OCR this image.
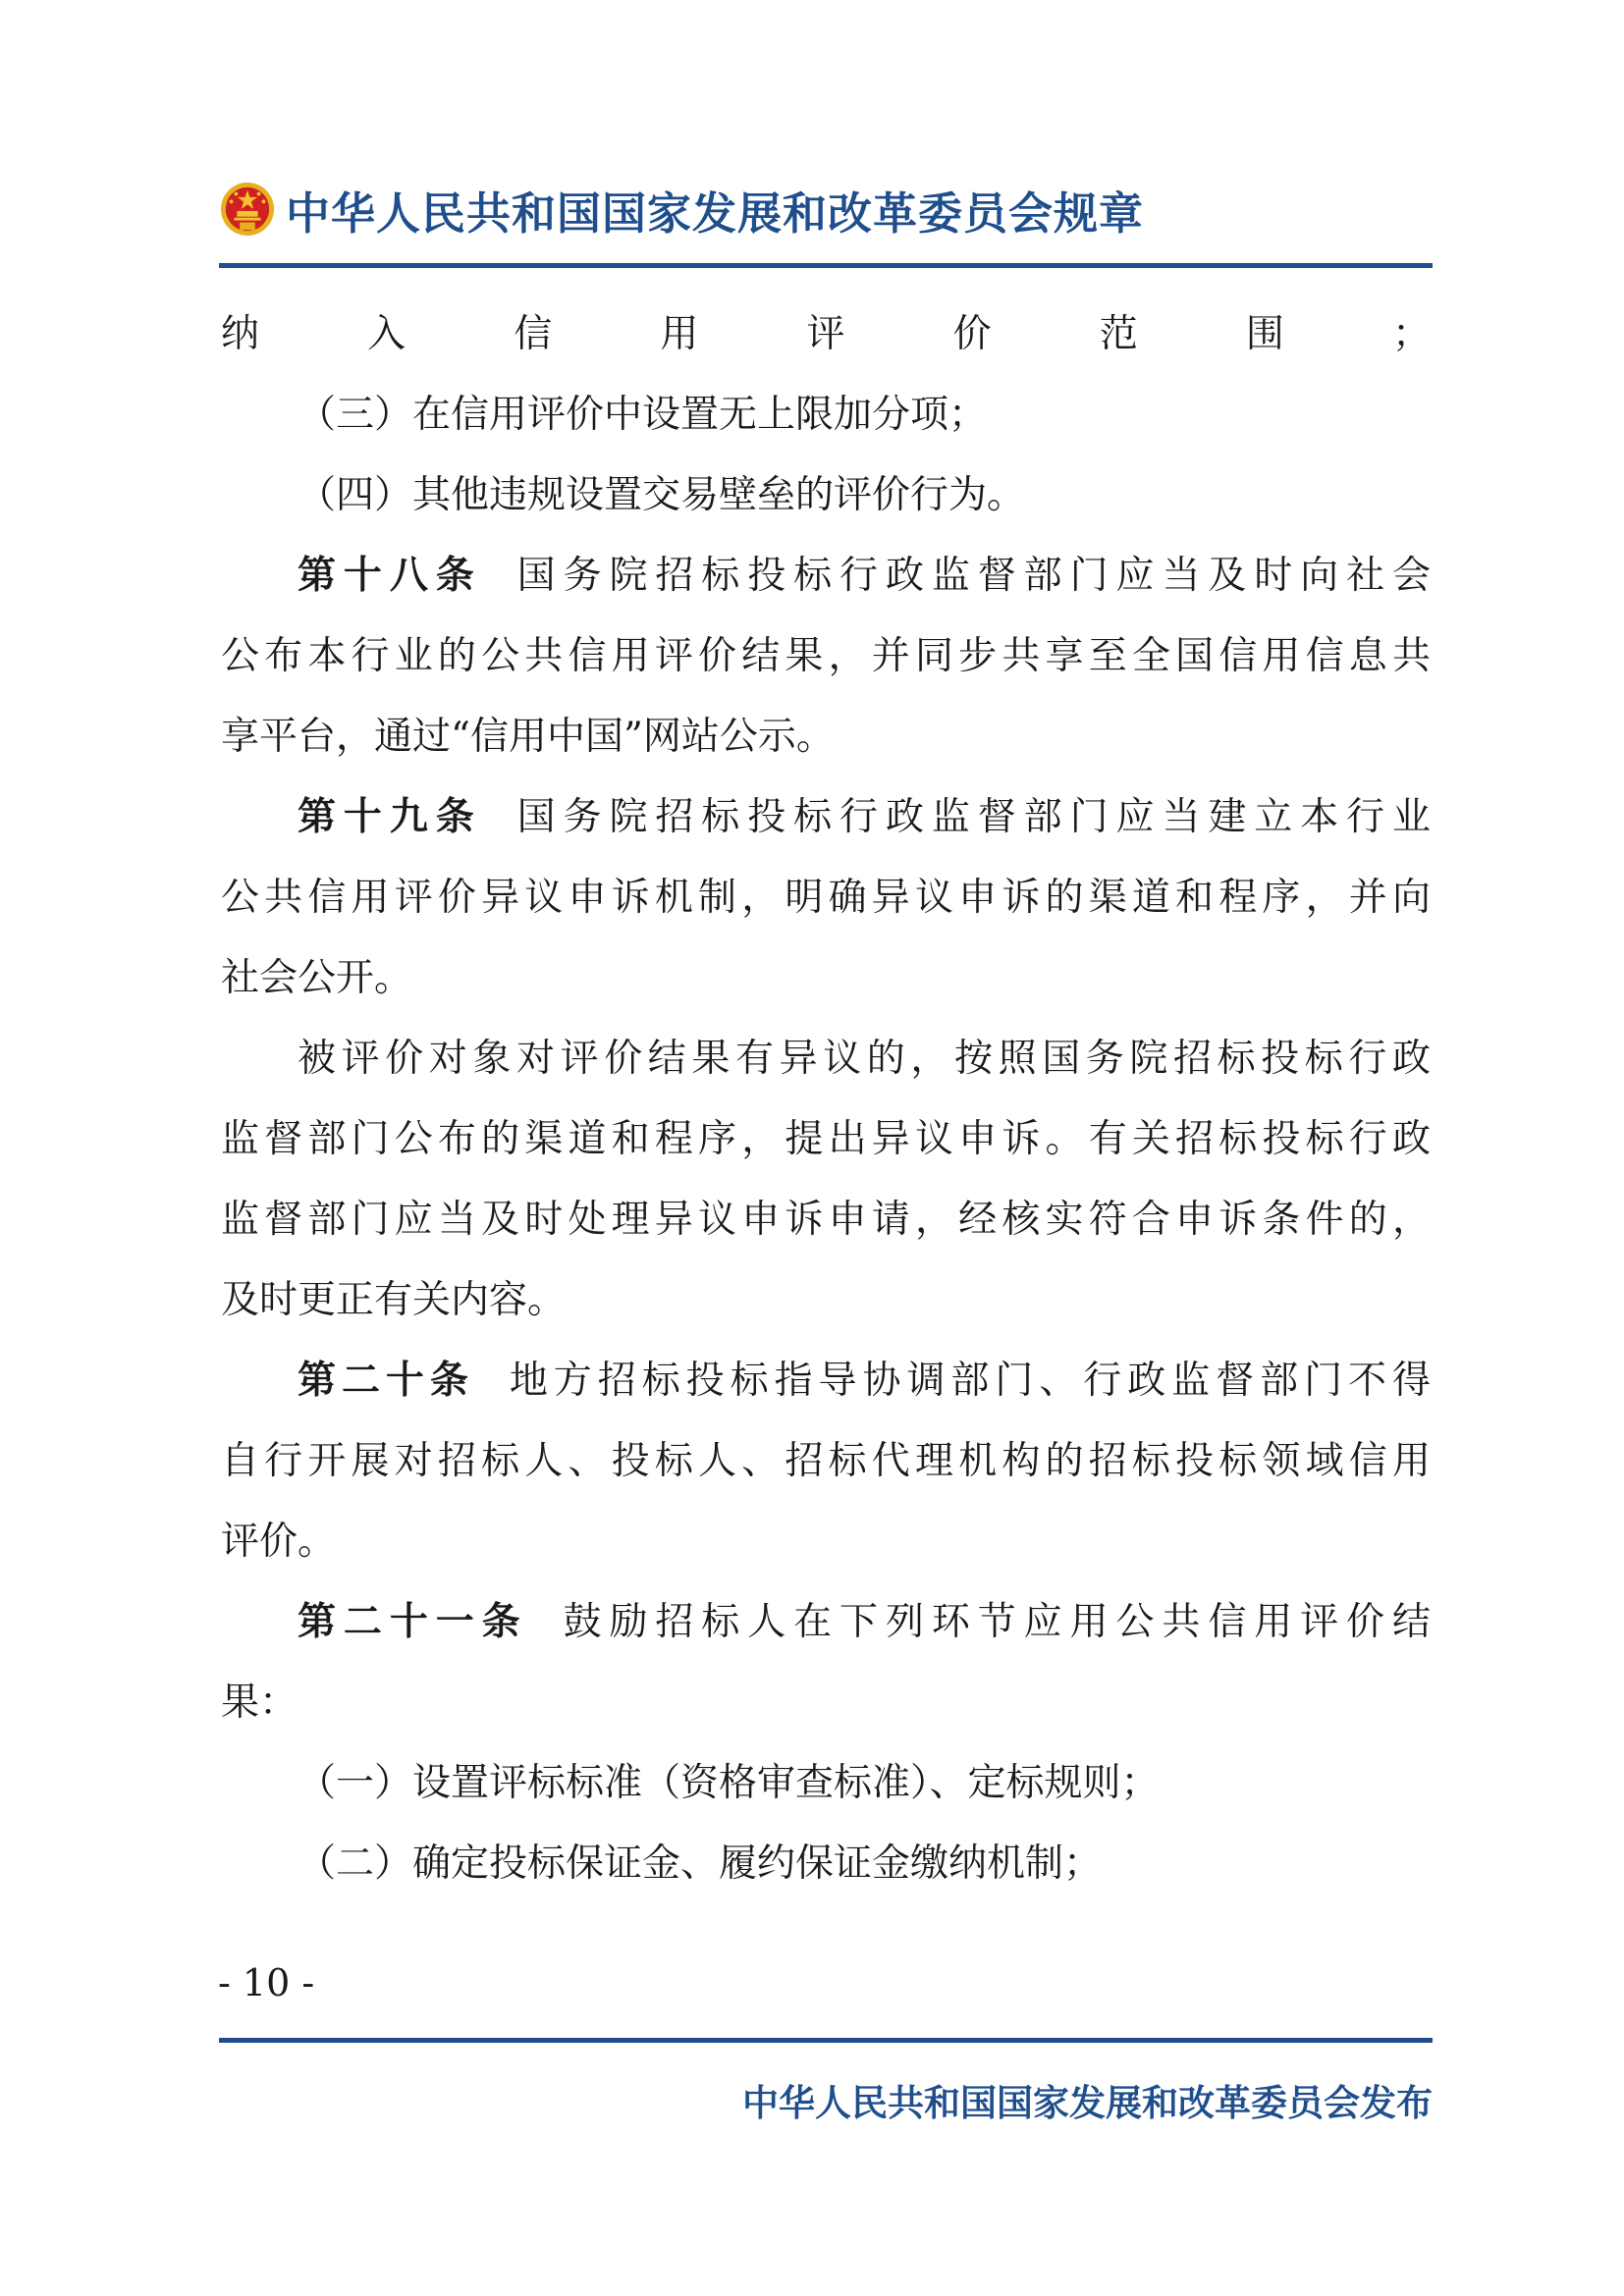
中华人民共和国国家发展和改革委员会规章
纳入信用评价范围；
（三）在信用评价中设置无上限加分项；
（四）其他违规设置交易壁垒的评价行为。
第十八条 国务院招标投标行政监督部门应当及时向社会
公布本行业的公共信用评价结果，并同步共享至全国信用信息共
享平台，通过“信用中国”网站公示。
第十九条 国务院招标投标行政监督部门应当建立本行业
公共信用评价异议申诉机制，明确异议申诉的渠道和程序，并向
社会公开。
被评价对象对评价结果有异议的，按照国务院招标投标行政
监督部门公布的渠道和程序，提出异议申诉。有关招标投标行政
监督部门应当及时处理异议申诉申请，经核实符合申诉条件的，
及时更正有关内容。
第二十条 地方招标投标指导协调部门、行政监督部门不得
自行开展对招标人、投标人、招标代理机构的招标投标领域信用
评价。
第二十一条 鼓励招标人在下列环节应用公共信用评价结
果：
（一）设置评标标准（资格审查标准）、定标规则；
（二）确定投标保证金、履约保证金缴纳机制；
- 10 -
中华人民共和国国家发展和改革委员会发布
